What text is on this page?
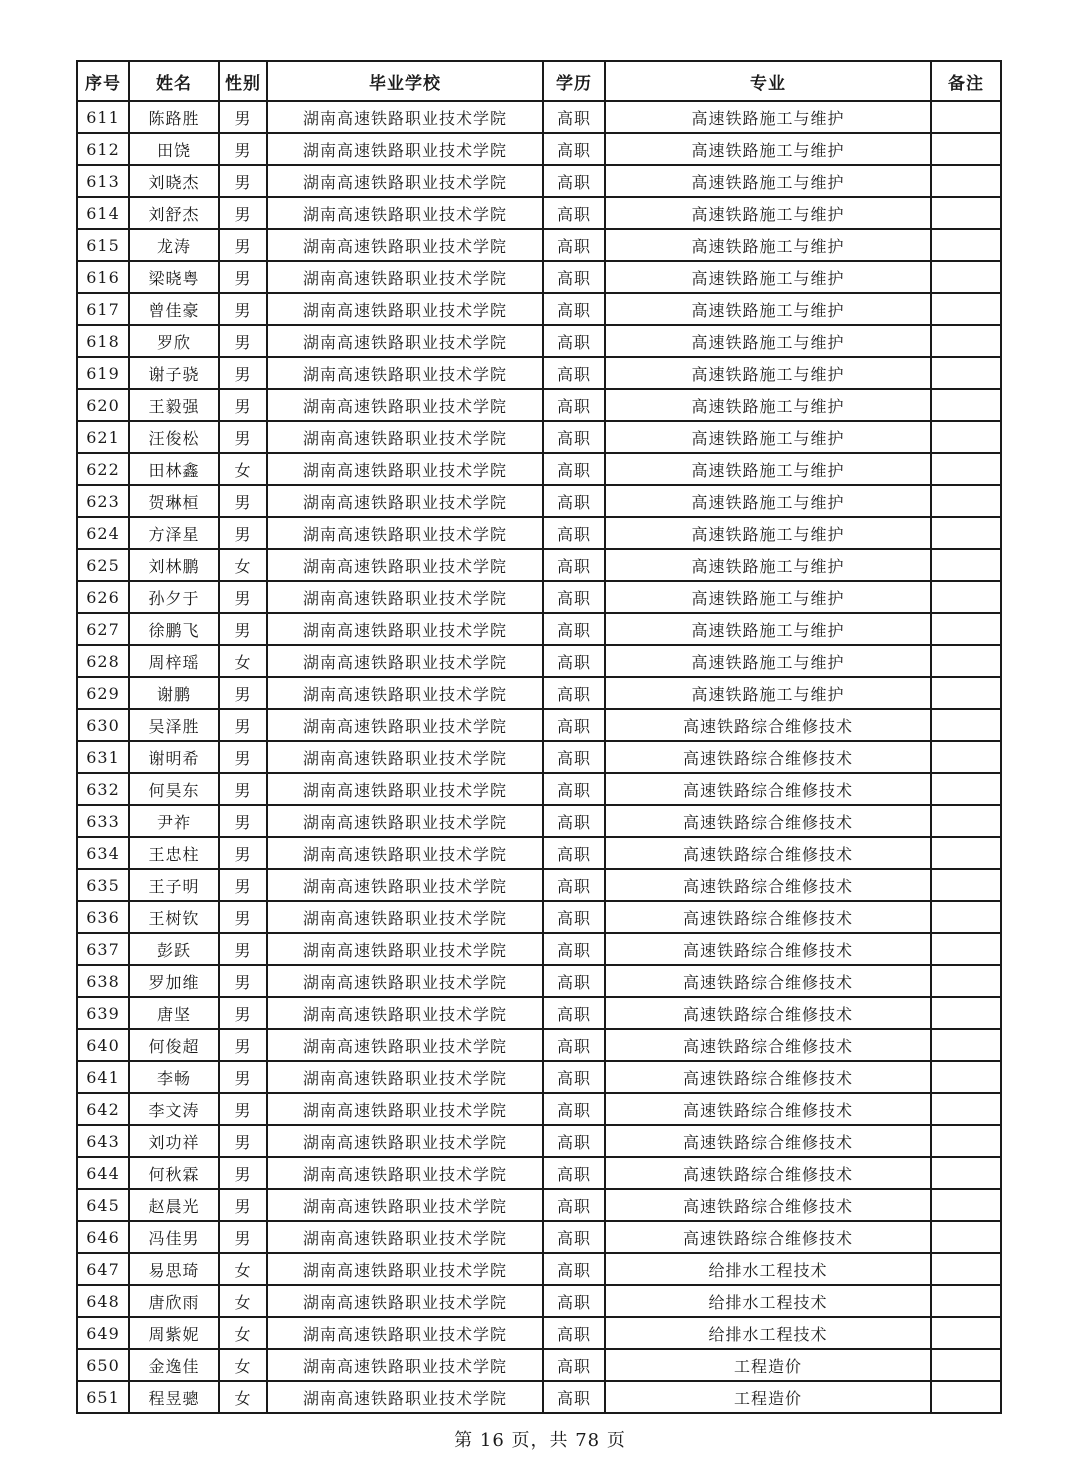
序号	姓名	性别	毕业学校	学历	专业	备注
611	陈路胜	男	湖南高速铁路职业技术学院	高职	高速铁路施工与维护	
612	田饶	男	湖南高速铁路职业技术学院	高职	高速铁路施工与维护	
613	刘晓杰	男	湖南高速铁路职业技术学院	高职	高速铁路施工与维护	
614	刘舒杰	男	湖南高速铁路职业技术学院	高职	高速铁路施工与维护	
615	龙涛	男	湖南高速铁路职业技术学院	高职	高速铁路施工与维护	
616	梁晓粤	男	湖南高速铁路职业技术学院	高职	高速铁路施工与维护	
617	曾佳豪	男	湖南高速铁路职业技术学院	高职	高速铁路施工与维护	
618	罗欣	男	湖南高速铁路职业技术学院	高职	高速铁路施工与维护	
619	谢子骁	男	湖南高速铁路职业技术学院	高职	高速铁路施工与维护	
620	王毅强	男	湖南高速铁路职业技术学院	高职	高速铁路施工与维护	
621	汪俊松	男	湖南高速铁路职业技术学院	高职	高速铁路施工与维护	
622	田林鑫	女	湖南高速铁路职业技术学院	高职	高速铁路施工与维护	
623	贺琳桓	男	湖南高速铁路职业技术学院	高职	高速铁路施工与维护	
624	方泽星	男	湖南高速铁路职业技术学院	高职	高速铁路施工与维护	
625	刘林鹏	女	湖南高速铁路职业技术学院	高职	高速铁路施工与维护	
626	孙夕于	男	湖南高速铁路职业技术学院	高职	高速铁路施工与维护	
627	徐鹏飞	男	湖南高速铁路职业技术学院	高职	高速铁路施工与维护	
628	周梓瑶	女	湖南高速铁路职业技术学院	高职	高速铁路施工与维护	
629	谢鹏	男	湖南高速铁路职业技术学院	高职	高速铁路施工与维护	
630	吴泽胜	男	湖南高速铁路职业技术学院	高职	高速铁路综合维修技术	
631	谢明希	男	湖南高速铁路职业技术学院	高职	高速铁路综合维修技术	
632	何昊东	男	湖南高速铁路职业技术学院	高职	高速铁路综合维修技术	
633	尹祚	男	湖南高速铁路职业技术学院	高职	高速铁路综合维修技术	
634	王忠柱	男	湖南高速铁路职业技术学院	高职	高速铁路综合维修技术	
635	王子明	男	湖南高速铁路职业技术学院	高职	高速铁路综合维修技术	
636	王树钦	男	湖南高速铁路职业技术学院	高职	高速铁路综合维修技术	
637	彭跃	男	湖南高速铁路职业技术学院	高职	高速铁路综合维修技术	
638	罗加维	男	湖南高速铁路职业技术学院	高职	高速铁路综合维修技术	
639	唐坚	男	湖南高速铁路职业技术学院	高职	高速铁路综合维修技术	
640	何俊超	男	湖南高速铁路职业技术学院	高职	高速铁路综合维修技术	
641	李畅	男	湖南高速铁路职业技术学院	高职	高速铁路综合维修技术	
642	李文涛	男	湖南高速铁路职业技术学院	高职	高速铁路综合维修技术	
643	刘功祥	男	湖南高速铁路职业技术学院	高职	高速铁路综合维修技术	
644	何秋霖	男	湖南高速铁路职业技术学院	高职	高速铁路综合维修技术	
645	赵晨光	男	湖南高速铁路职业技术学院	高职	高速铁路综合维修技术	
646	冯佳男	男	湖南高速铁路职业技术学院	高职	高速铁路综合维修技术	
647	易思琦	女	湖南高速铁路职业技术学院	高职	给排水工程技术	
648	唐欣雨	女	湖南高速铁路职业技术学院	高职	给排水工程技术	
649	周紫妮	女	湖南高速铁路职业技术学院	高职	给排水工程技术	
650	金逸佳	女	湖南高速铁路职业技术学院	高职	工程造价	
651	程昱骢	女	湖南高速铁路职业技术学院	高职	工程造价	
第 16 页，共 78 页
